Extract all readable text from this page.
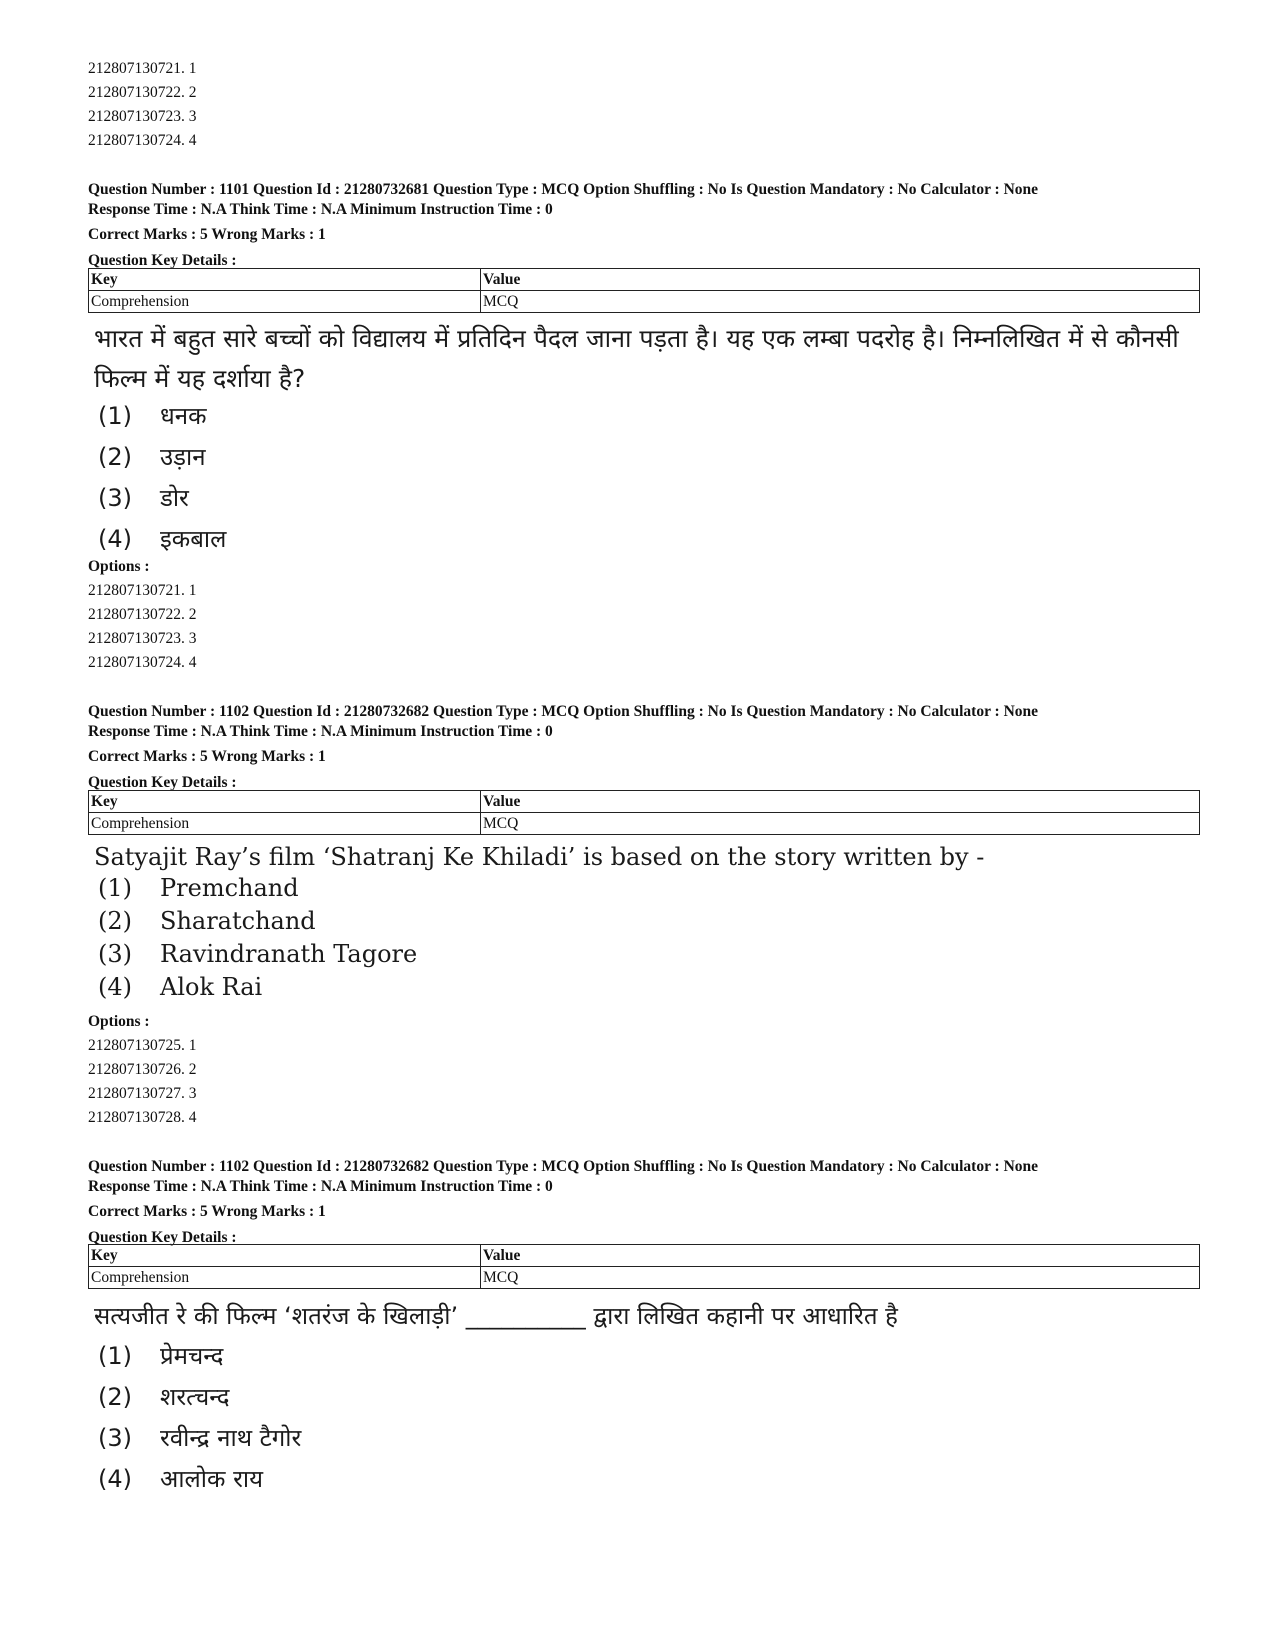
212807130721. 1
212807130722. 2
212807130723. 3
212807130724. 4
Question Number : 1101 Question Id : 21280732681 Question Type : MCQ Option Shuffling : No Is Question Mandatory : No Calculator : None
Response Time : N.A Think Time : N.A Minimum Instruction Time : 0
Correct Marks : 5 Wrong Marks : 1
Question Key Details :
Key	Value
Comprehension	MCQ
भारत में बहुत सारे बच्चों को विद्यालय में प्रतिदिन पैदल जाना पड़ता है। यह एक लम्बा पदरोह है। निम्नलिखित में से कौनसी फिल्म में यह दर्शाया है?
(1) धनक
(2) उड़ान
(3) डोर
(4) इकबाल
Options :
212807130721. 1
212807130722. 2
212807130723. 3
212807130724. 4
Question Number : 1102 Question Id : 21280732682 Question Type : MCQ Option Shuffling : No Is Question Mandatory : No Calculator : None
Response Time : N.A Think Time : N.A Minimum Instruction Time : 0
Correct Marks : 5 Wrong Marks : 1
Question Key Details :
Key	Value
Comprehension	MCQ
Satyajit Ray’s film ‘Shatranj Ke Khiladi’ is based on the story written by -
(1) Premchand
(2) Sharatchand
(3) Ravindranath Tagore
(4) Alok Rai
Options :
212807130725. 1
212807130726. 2
212807130727. 3
212807130728. 4
Question Number : 1102 Question Id : 21280732682 Question Type : MCQ Option Shuffling : No Is Question Mandatory : No Calculator : None
Response Time : N.A Think Time : N.A Minimum Instruction Time : 0
Correct Marks : 5 Wrong Marks : 1
Question Key Details :
Key	Value
Comprehension	MCQ
सत्यजीत रे की फिल्म ‘शतरंज के खिलाड़ी’ __________ द्वारा लिखित कहानी पर आधारित है
(1) प्रेमचन्द
(2) शरत्चन्द
(3) रवीन्द्र नाथ टैगोर
(4) आलोक राय
